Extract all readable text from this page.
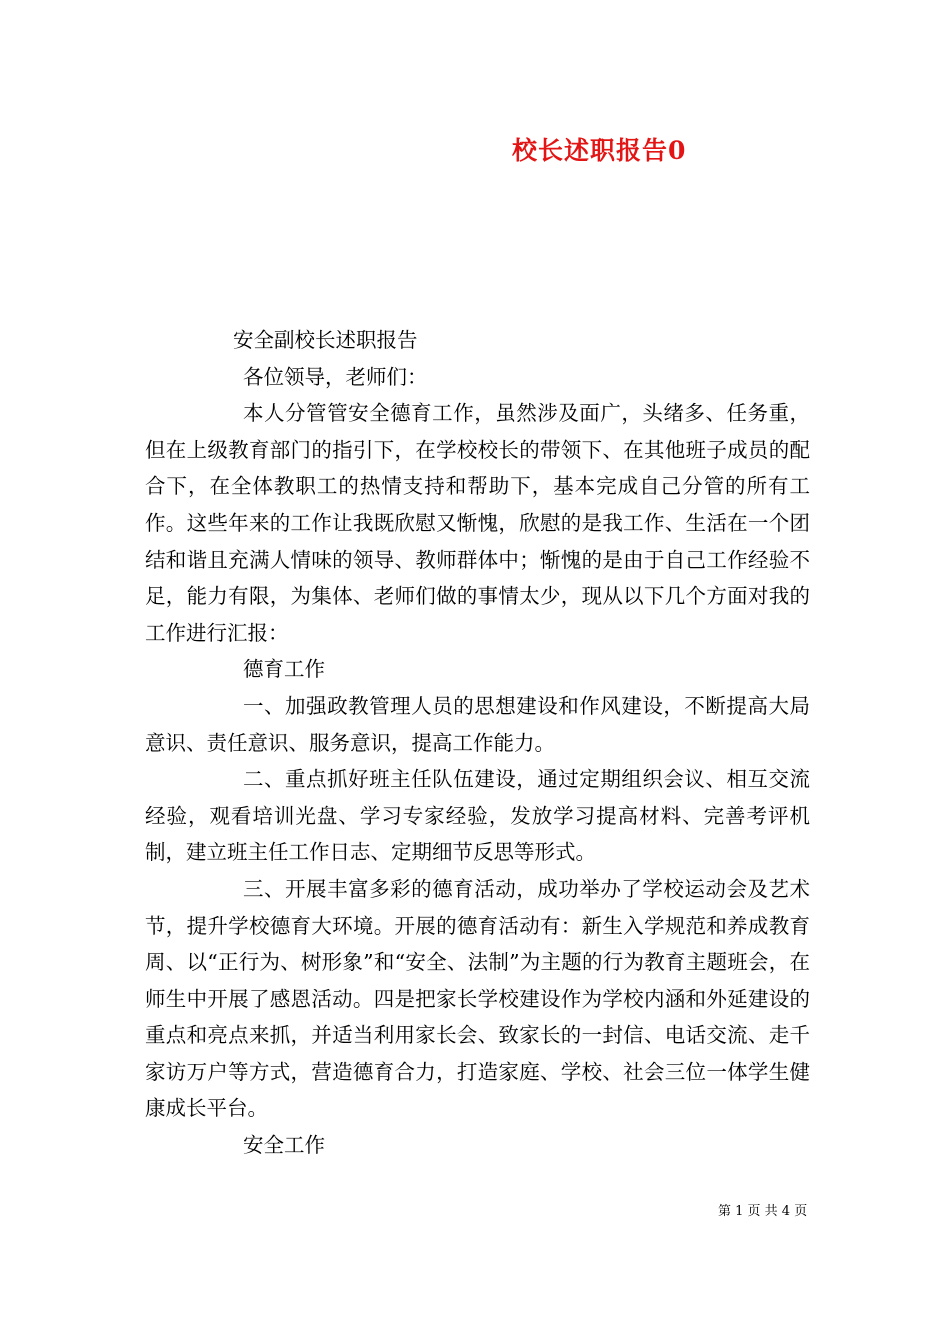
校长述职报告0

安全副校长述职报告

各位领导，老师们：

本人分管管安全德育工作，虽然涉及面广，头绪多、任务重，但在上级教育部门的指引下，在学校校长的带领下、在其他班子成员的配合下，在全体教职工的热情支持和帮助下，基本完成自己分管的所有工作。这些年来的工作让我既欣慰又惭愧，欣慰的是我工作、生活在一个团结和谐且充满人情味的领导、教师群体中；惭愧的是由于自己工作经验不足，能力有限，为集体、老师们做的事情太少，现从以下几个方面对我的工作进行汇报：

德育工作

一、加强政教管理人员的思想建设和作风建设，不断提高大局意识、责任意识、服务意识，提高工作能力。

二、重点抓好班主任队伍建设，通过定期组织会议、相互交流经验，观看培训光盘、学习专家经验，发放学习提高材料、完善考评机制，建立班主任工作日志、定期细节反思等形式。

三、开展丰富多彩的德育活动，成功举办了学校运动会及艺术节，提升学校德育大环境。开展的德育活动有：新生入学规范和养成教育周、以“正行为、树形象”和“安全、法制”为主题的行为教育主题班会，在师生中开展了感恩活动。四是把家长学校建设作为学校内涵和外延建设的重点和亮点来抓，并适当利用家长会、致家长的一封信、电话交流、走千家访万户等方式，营造德育合力，打造家庭、学校、社会三位一体学生健康成长平台。

安全工作

第 1 页 共 4 页
